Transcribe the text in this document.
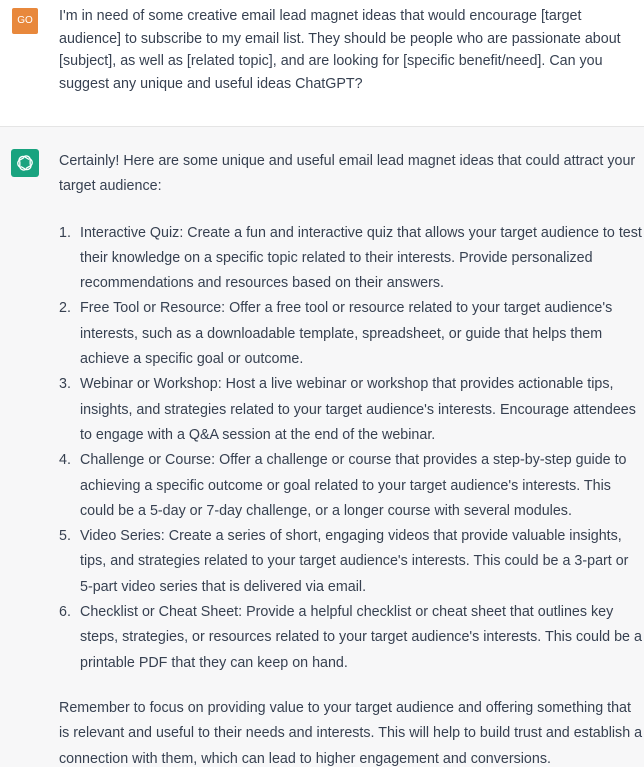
GO	I'm in need of some creative email lead magnet ideas that would encourage [target audience] to subscribe to my email list. They should be people who are passionate about [subject], as well as [related topic], and are looking for [specific benefit/need]. Can you suggest any unique and useful ideas ChatGPT?

Certainly! Here are some unique and useful email lead magnet ideas that could attract your target audience:

1. Interactive Quiz: Create a fun and interactive quiz that allows your target audience to test their knowledge on a specific topic related to their interests. Provide personalized recommendations and resources based on their answers.
2. Free Tool or Resource: Offer a free tool or resource related to your target audience's interests, such as a downloadable template, spreadsheet, or guide that helps them achieve a specific goal or outcome.
3. Webinar or Workshop: Host a live webinar or workshop that provides actionable tips, insights, and strategies related to your target audience's interests. Encourage attendees to engage with a Q&A session at the end of the webinar.
4. Challenge or Course: Offer a challenge or course that provides a step-by-step guide to achieving a specific outcome or goal related to your target audience's interests. This could be a 5-day or 7-day challenge, or a longer course with several modules.
5. Video Series: Create a series of short, engaging videos that provide valuable insights, tips, and strategies related to your target audience's interests. This could be a 3-part or 5-part video series that is delivered via email.
6. Checklist or Cheat Sheet: Provide a helpful checklist or cheat sheet that outlines key steps, strategies, or resources related to your target audience's interests. This could be a printable PDF that they can keep on hand.

Remember to focus on providing value to your target audience and offering something that is relevant and useful to their needs and interests. This will help to build trust and establish a connection with them, which can lead to higher engagement and conversions.
